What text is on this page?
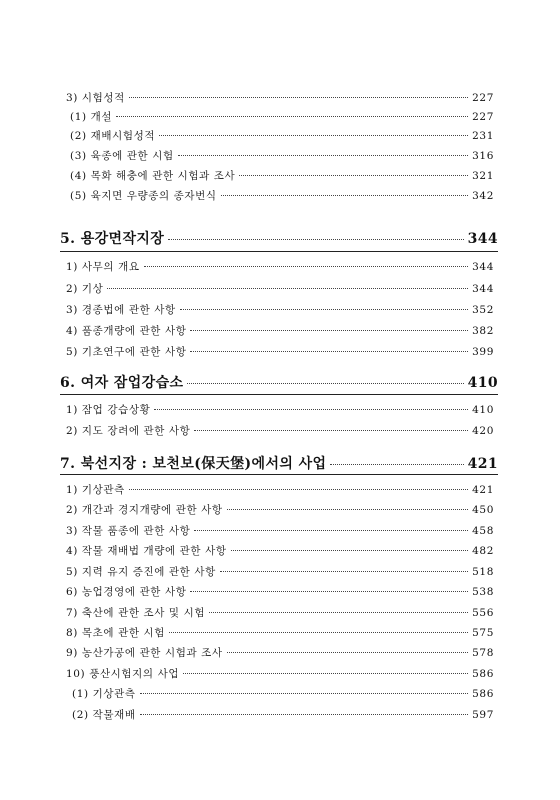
3) 시험성적	227
(1) 개설	227
(2) 재배시험성적	231
(3) 육종에 관한 시험	316
(4) 목화 해충에 관한 시험과 조사	321
(5) 육지면 우량종의 종자번식	342
5. 용강면작지장	344
1) 사무의 개요	344
2) 기상	344
3) 경종법에 관한 사항	352
4) 품종개량에 관한 사항	382
5) 기초연구에 관한 사항	399
6. 여자 잠업강습소	410
1) 잠업 강습상황	410
2) 지도 장려에 관한 사항	420
7. 북선지장 : 보천보(保天堡)에서의 사업	421
1) 기상관측	421
2) 개간과 경지개량에 관한 사항	450
3) 작물 품종에 관한 사항	458
4) 작물 재배법 개량에 관한 사항	482
5) 지력 유지 증진에 관한 사항	518
6) 농업경영에 관한 사항	538
7) 축산에 관한 조사 및 시험	556
8) 목초에 관한 시험	575
9) 농산가공에 관한 시험과 조사	578
10) 풍산시험지의 사업	586
(1) 기상관측	586
(2) 작물재배	597
